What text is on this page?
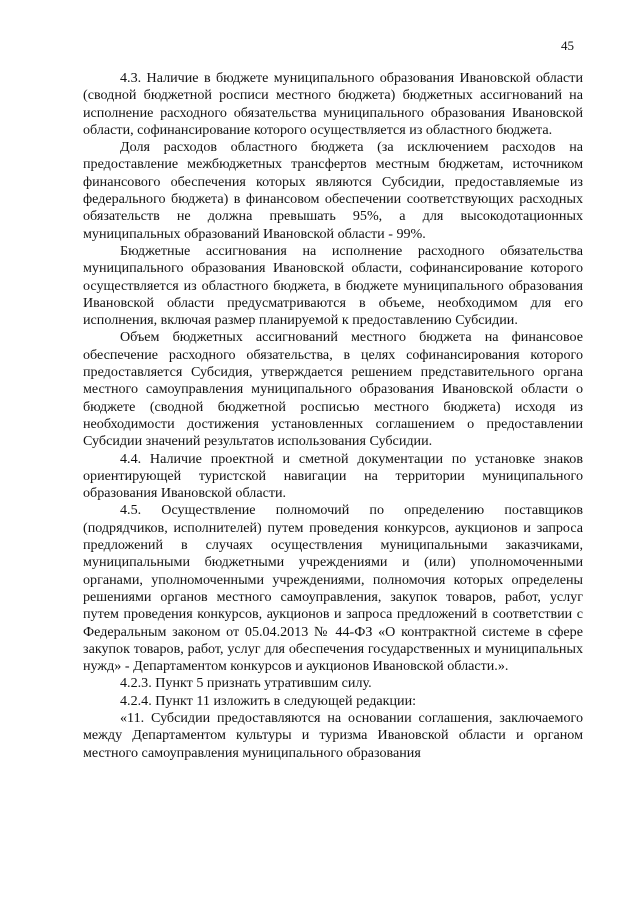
45

4.3. Наличие в бюджете муниципального образования Ивановской области (сводной бюджетной росписи местного бюджета) бюджетных ассигнований на исполнение расходного обязательства муниципального образования Ивановской области, софинансирование которого осуществляется из областного бюджета.

Доля расходов областного бюджета (за исключением расходов на предоставление межбюджетных трансфертов местным бюджетам, источником финансового обеспечения которых являются Субсидии, предоставляемые из федерального бюджета) в финансовом обеспечении соответствующих расходных обязательств не должна превышать 95%, а для высокодотационных муниципальных образований Ивановской области - 99%.

Бюджетные ассигнования на исполнение расходного обязательства муниципального образования Ивановской области, софинансирование которого осуществляется из областного бюджета, в бюджете муниципального образования Ивановской области предусматриваются в объеме, необходимом для его исполнения, включая размер планируемой к предоставлению Субсидии.

Объем бюджетных ассигнований местного бюджета на финансовое обеспечение расходного обязательства, в целях софинансирования которого предоставляется Субсидия, утверждается решением представительного органа местного самоуправления муниципального образования Ивановской области о бюджете (сводной бюджетной росписью местного бюджета) исходя из необходимости достижения установленных соглашением о предоставлении Субсидии значений результатов использования Субсидии.

4.4. Наличие проектной и сметной документации по установке знаков ориентирующей туристской навигации на территории муниципального образования Ивановской области.

4.5. Осуществление полномочий по определению поставщиков (подрядчиков, исполнителей) путем проведения конкурсов, аукционов и запроса предложений в случаях осуществления муниципальными заказчиками, муниципальными бюджетными учреждениями и (или) уполномоченными органами, уполномоченными учреждениями, полномочия которых определены решениями органов местного самоуправления, закупок товаров, работ, услуг путем проведения конкурсов, аукционов и запроса предложений в соответствии с Федеральным законом от 05.04.2013 № 44-ФЗ «О контрактной системе в сфере закупок товаров, работ, услуг для обеспечения государственных и муниципальных нужд» - Департаментом конкурсов и аукционов Ивановской области.».

4.2.3. Пункт 5 признать утратившим силу.

4.2.4. Пункт 11 изложить в следующей редакции:

«11. Субсидии предоставляются на основании соглашения, заключаемого между Департаментом культуры и туризма Ивановской области и органом местного самоуправления муниципального образования
